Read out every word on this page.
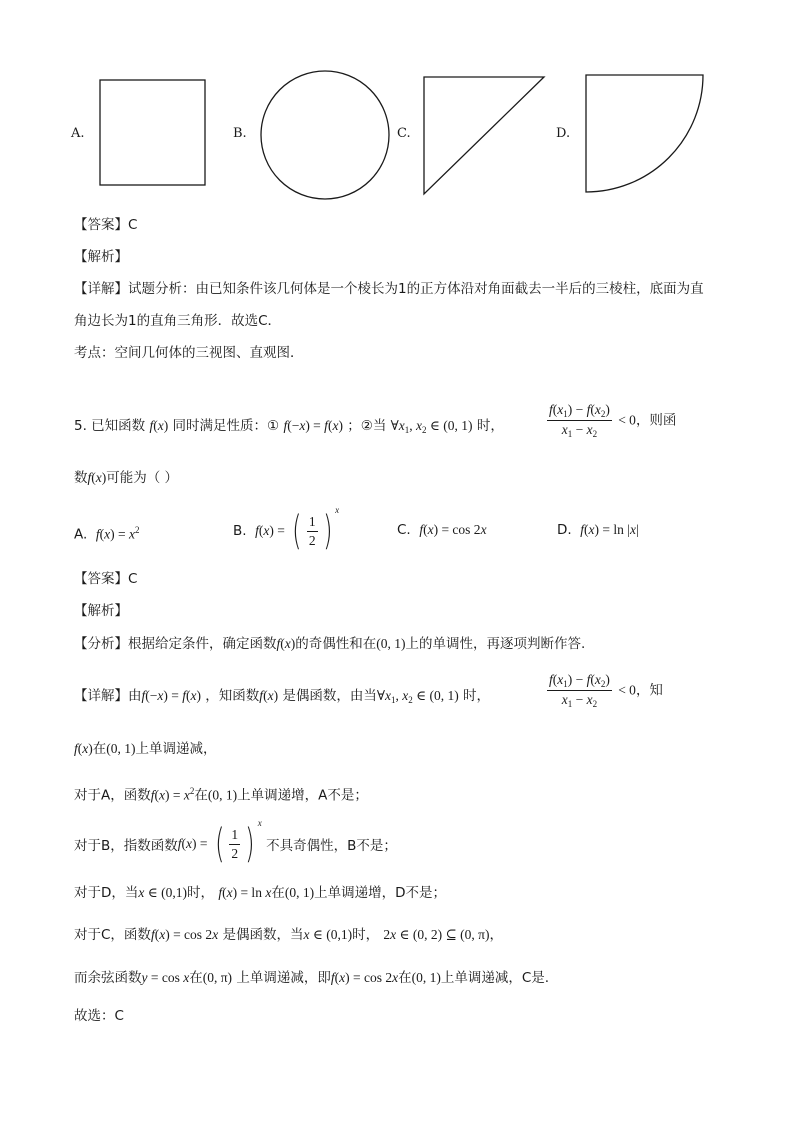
A.	B.	C.	D.
【答案】C
【解析】
【详解】试题分析：由已知条件该几何体是一个棱长为1的正方体沿对角面截去一半后的三棱柱，底面为直
角边长为1的直角三角形．故选C．
考点：空间几何体的三视图、直观图．
5. 已知函数 f(x) 同时满足性质：① f(−x) = f(x) ；②当 $\forall x_1$, $x_2$ ∈ (0, 1) 时，	$\frac{f(x_1) - f(x_2)}{x_1 - x_2} < 0$，则函
数f(x)可能为（ ）
A. $f(x) = x^2$	B. f(x) = ( $\frac{1}{2}$ ) $^x$
C. f(x) = cos 2x	D. f(x) = ln |x|
【答案】C
【解析】
【分析】根据给定条件，确定函数f(x)的奇偶性和在(0, 1)上的单调性，再逐项判断作答.
【详解】由f(−x) = f(x) ，知函数f(x) 是偶函数，由当$\forall x_1$, $x_2$ ∈ (0, 1) 时，	$\frac{f(x_1) - f(x_2)}{x_1 - x_2} < 0$，知
f(x)在(0, 1)上单调递减，
对于A，函数$f(x) = x^2$在(0, 1)上单调递增，A不是；
对于B，指数函数f(x) = ( $\frac{1}{2}$ ) $^x$ 不具奇偶性，B不是；
对于D，当x ∈ (0,1)时， f(x) = ln x在(0, 1)上单调递增，D不是；
对于C，函数f(x) = cos 2x 是偶函数，当x ∈ (0,1)时， 2x ∈ (0, 2) ⊆ (0, π)，
而余弦函数y = cos x在(0, π) 上单调递减，即f(x) = cos 2x在(0, 1)上单调递减，C是.
故选：C
